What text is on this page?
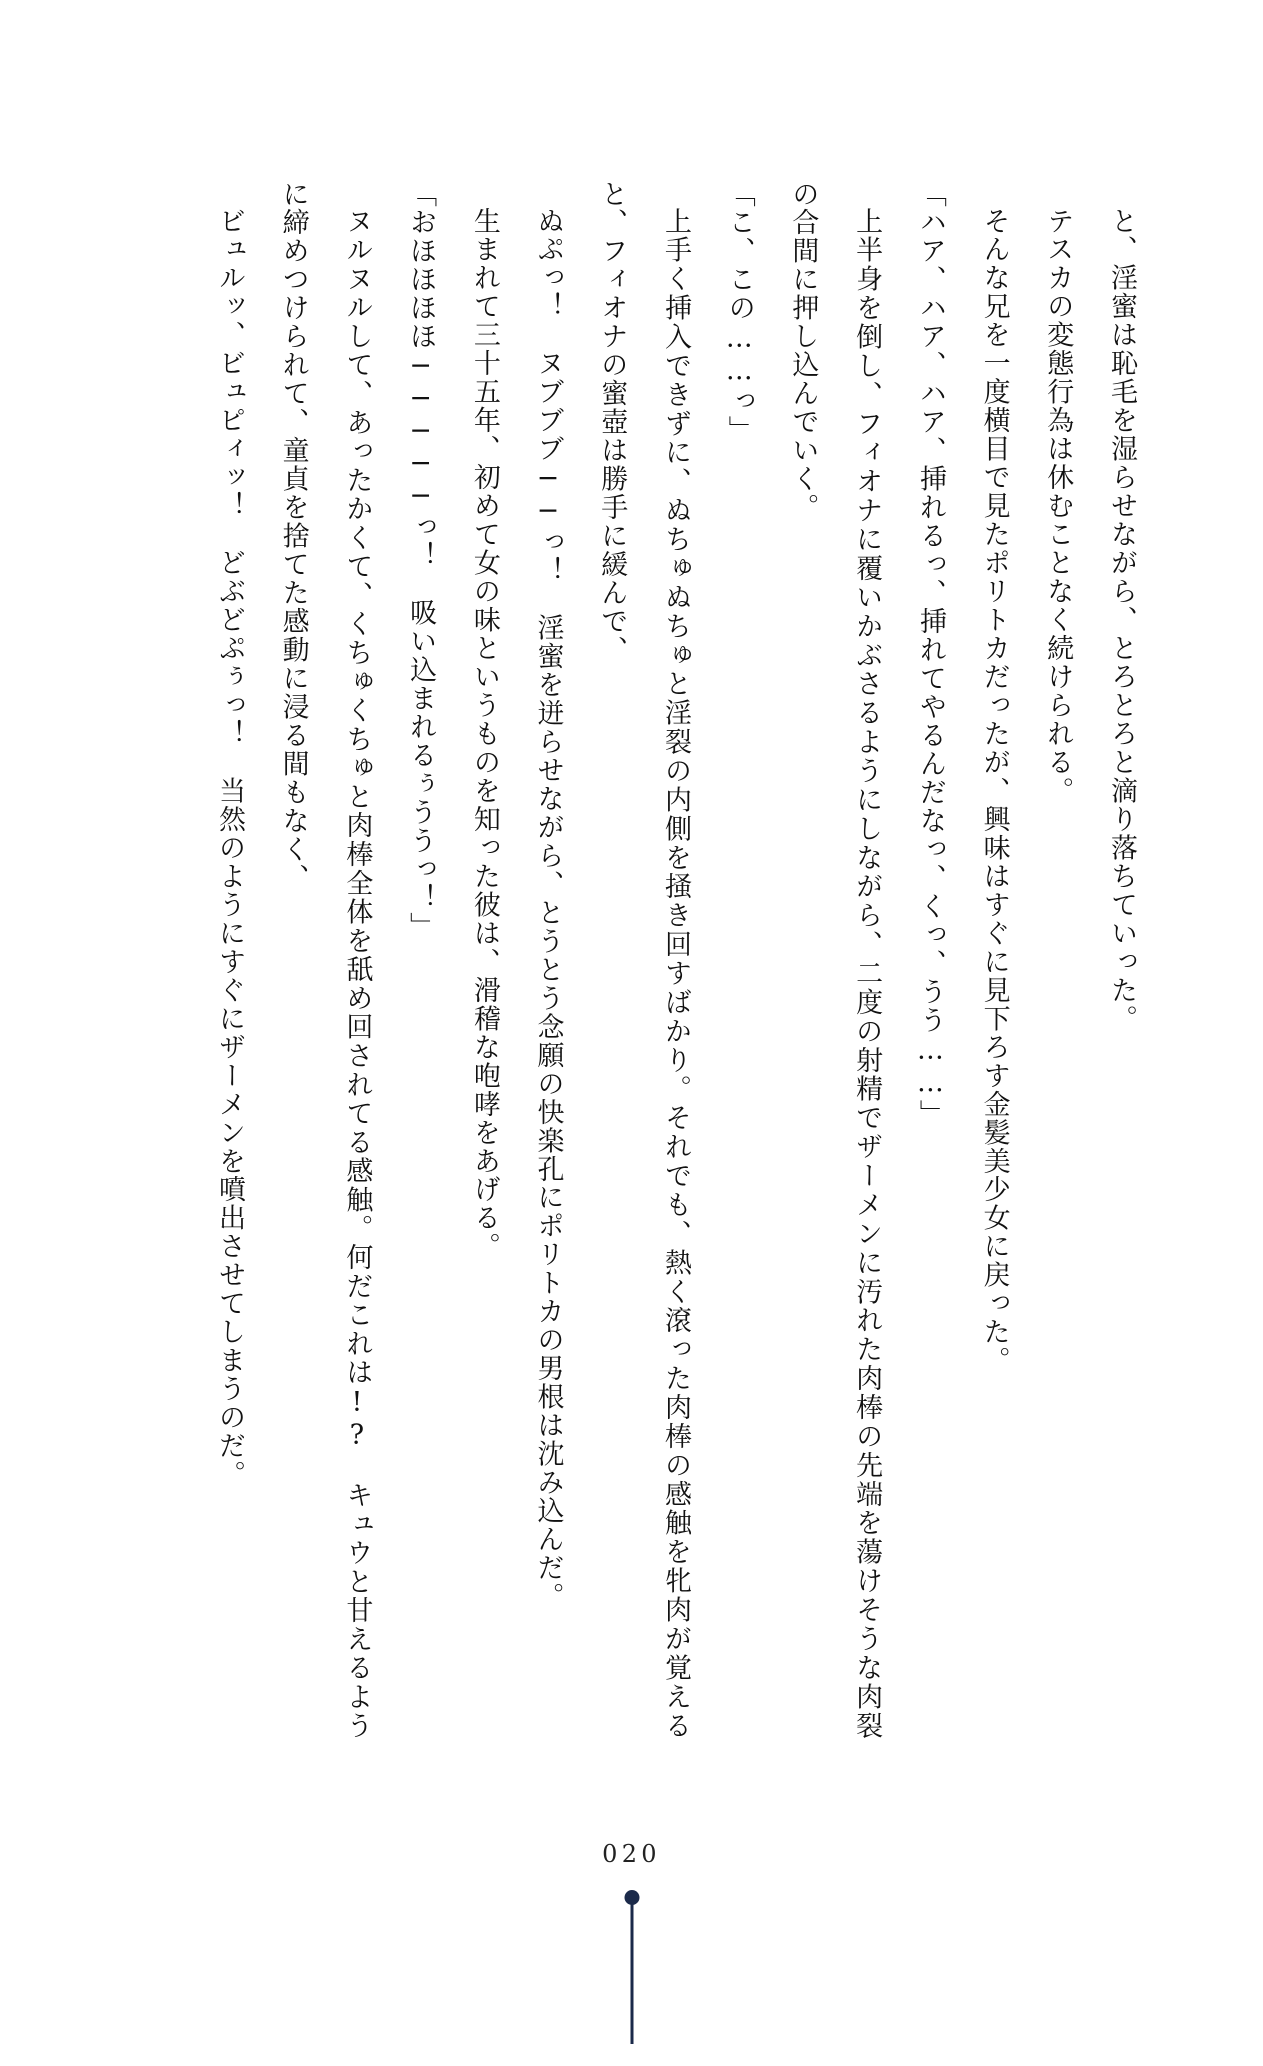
と、淫蜜は恥毛を湿らせながら、とろとろと滴り落ちていった。

テスカの変態行為は休むことなく続けられる。

そんな兄を一度横目で見たポリトカだったが、興味はすぐに見下ろす金髪美少女に戻った。

「ハア、ハア、ハア、挿れるっ、挿れてやるんだなっ、くっ、うう……」

上半身を倒し、フィオナに覆いかぶさるようにしながら、二度の射精でザーメンに汚れた肉棒の先端を蕩けそうな肉裂の合間に押し込んでいく。

「こ、この……っ」

上手く挿入できずに、ぬちゅぬちゅと淫裂の内側を掻き回すばかり。それでも、熱く滾った肉棒の感触を牝肉が覚えると、フィオナの蜜壺は勝手に緩んで、

ぬぷっ！　ヌブブブ──っ！　淫蜜を迸らせながら、とうとう念願の快楽孔にポリトカの男根は沈み込んだ。

生まれて三十五年、初めて女の味というものを知った彼は、滑稽な咆哮をあげる。

「おほほほほ─────っ！　吸い込まれるぅううっ！」

ヌルヌルして、あったかくて、くちゅくちゅと肉棒全体を舐め回されてる感触。何だこれは!?　キュウと甘えるように締めつけられて、童貞を捨てた感動に浸る間もなく、

ビュルッ、ビュピィッ！　どぶどぷぅっ！　当然のようにすぐにザーメンを噴出させてしまうのだ。

020
